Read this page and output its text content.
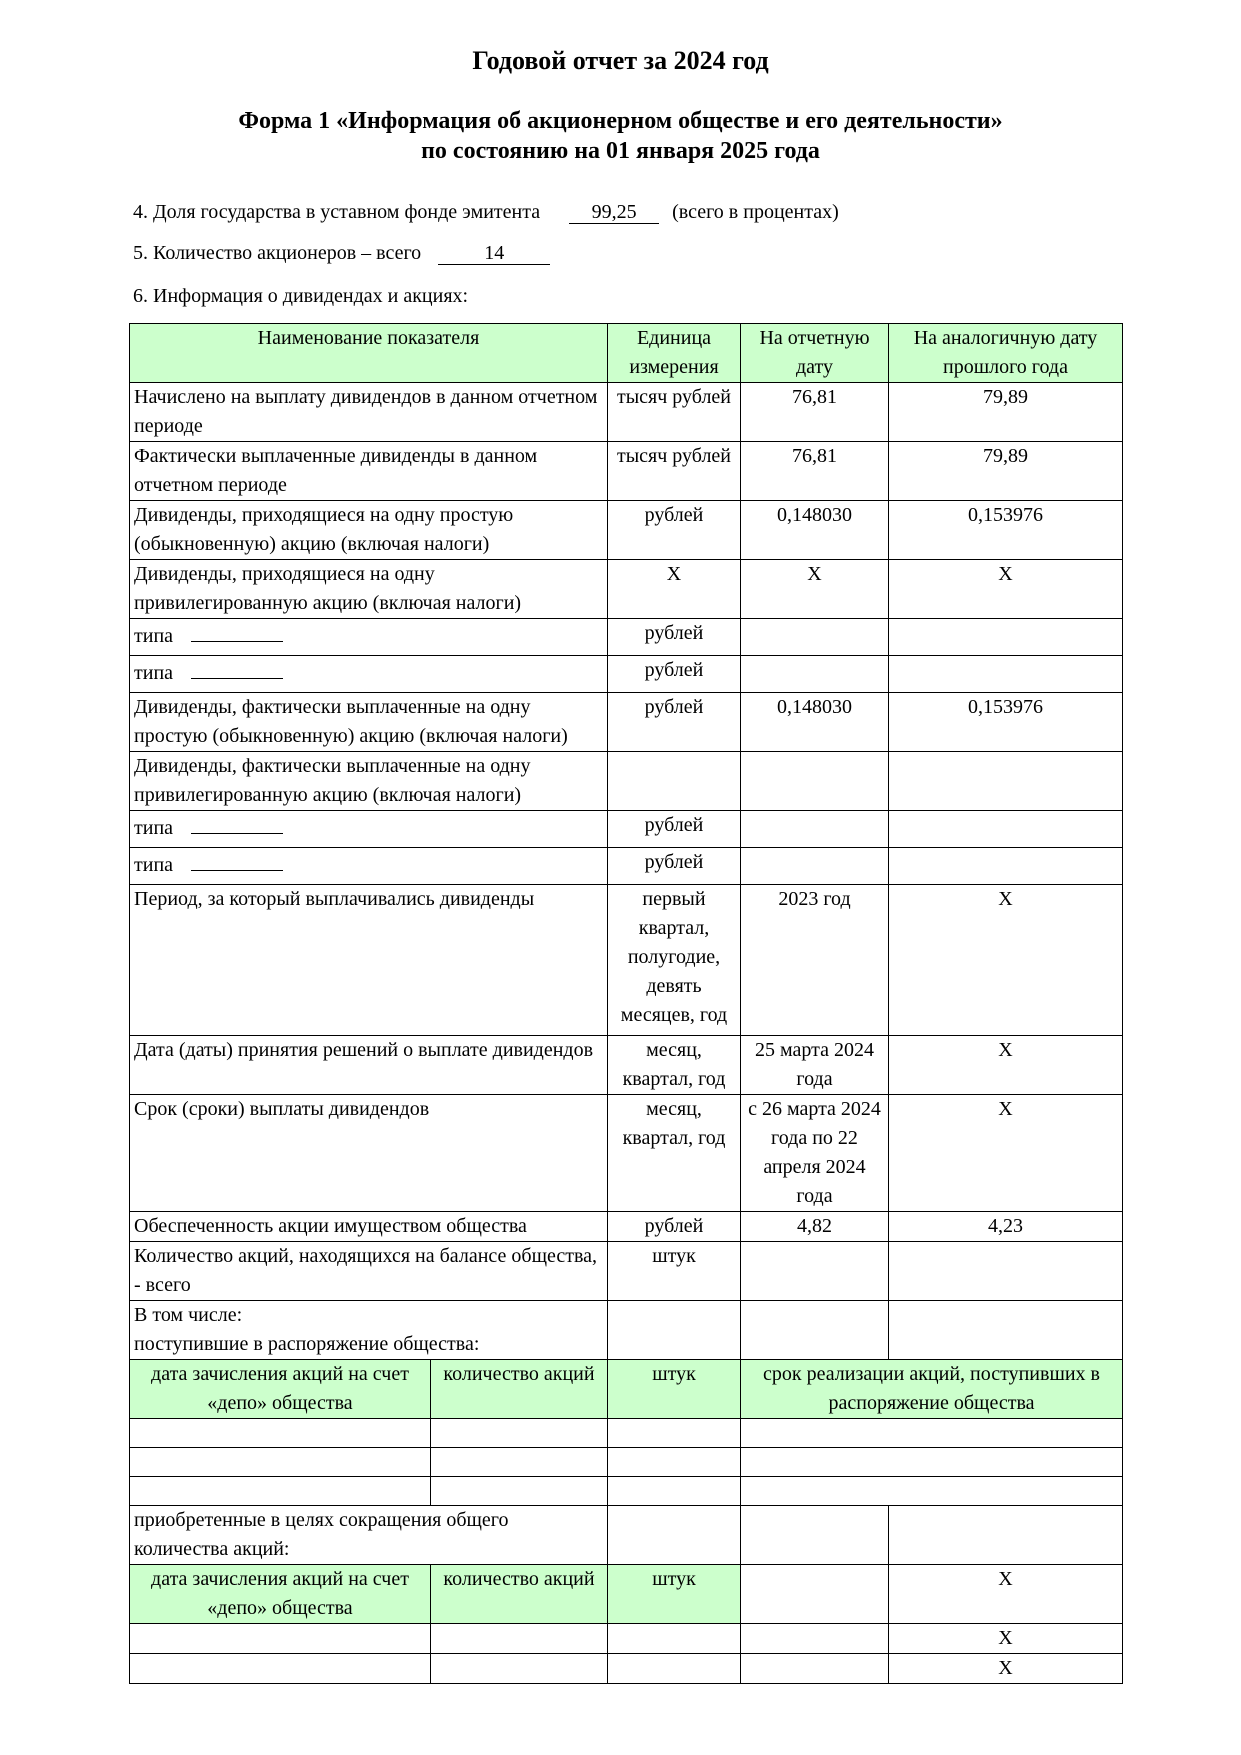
Годовой отчет за 2024 год
Форма 1 «Информация об акционерном обществе и его деятельности»
по состоянию на 01 января 2025 года
4. Доля государства в уставном фонде эмитента	99,25 (всего в процентах)
5. Количество акционеров – всего	14
6. Информация о дивидендах и акциях:
Наименование показателя		Единица измерения	На отчетную дату	На аналогичную дату прошлого года
Начислено на выплату дивидендов в данном отчетном периоде		тысяч рублей	76,81	79,89
Фактически выплаченные дивиденды в данном отчетном периоде		тысяч рублей	76,81	79,89
Дивиденды, приходящиеся на одну простую (обыкновенную) акцию (включая налоги)		рублей	0,148030	0,153976
Дивиденды, приходящиеся на одну привилегированную акцию (включая налоги)		X	X	X
типа		рублей		
типа		рублей		
Дивиденды, фактически выплаченные на одну простую (обыкновенную) акцию (включая налоги)		рублей	0,148030	0,153976
Дивиденды, фактически выплаченные на одну привилегированную акцию (включая налоги)				
типа		рублей		
типа		рублей		
Период, за который выплачивались дивиденды		первый квартал, полугодие, девять месяцев, год	2023 год	X
Дата (даты) принятия решений о выплате дивидендов		месяц, квартал, год	25 марта 2024 года	X
Срок (сроки) выплаты дивидендов		месяц, квартал, год	с 26 марта 2024 года по 22 апреля 2024 года	X
Обеспеченность акции имуществом общества		рублей	4,82	4,23
Количество акций, находящихся на балансе общества, - всего		штук		

В том числе:
поступившие в распоряжение общества:				

дата зачисления акций на счет «депо» общества	количество акций	штук	срок реализации акций, поступивших в распоряжение общества	

приобретенные в целях сокращения общего количества акций:				
дата зачисления акций на счет «депо» общества	количество акций	штук		X
				X
				X
